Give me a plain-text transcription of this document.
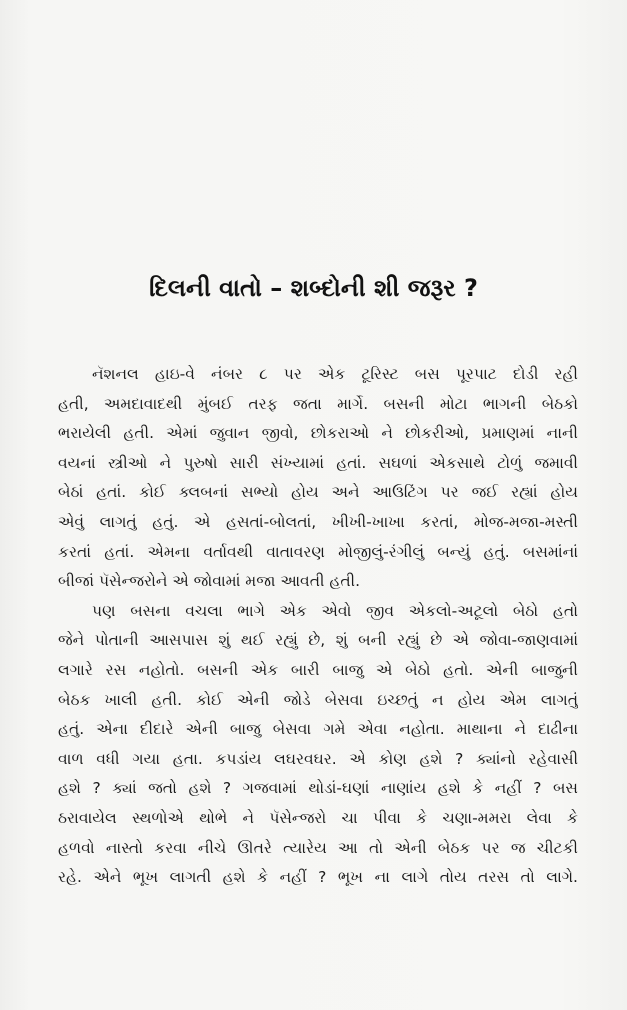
દિલની વાતો – શબ્દોની શી જરૂર ?
નૅશનલ હાઇ-વે નંબર ૮ પર એક ટૂરિસ્ટ બસ પૂરપાટ દોડી રહી
હતી, અમદાવાદથી મુંબઈ તરફ જતા માર્ગે. બસની મોટા ભાગની બેઠકો
ભરાયેલી હતી. એમાં જુવાન જીવો, છોકરાઓ ને છોકરીઓ, પ્રમાણમાં નાની
વયનાં સ્ત્રીઓ ને પુરુષો સારી સંખ્યામાં હતાં. સઘળાં એકસાથે ટોળું જમાવી
બેઠાં હતાં. કોઈ ક્લબનાં સભ્યો હોય અને આઉટિંગ પર જઈ રહ્યાં હોય
એવું લાગતું હતું. એ હસતાં-બોલતાં, ખીખી-ખાખા કરતાં, મોજ-મજા-મસ્તી
કરતાં હતાં. એમના વર્તાવથી વાતાવરણ મોજીલું-રંગીલું બન્યું હતું. બસમાંનાં
બીજાં પૅસેન્જરોને એ જોવામાં મજા આવતી હતી.
પણ બસના વચલા ભાગે એક એવો જીવ એકલો-અટૂલો બેઠો હતો
જેને પોતાની આસપાસ શું થઈ રહ્યું છે, શું બની રહ્યું છે એ જોવા-જાણવામાં
લગારે રસ નહોતો. બસની એક બારી બાજુ એ બેઠો હતો. એની બાજુની
બેઠક ખાલી હતી. કોઈ એની જોડે બેસવા ઇચ્છતું ન હોય એમ લાગતું
હતું. એના દીદારે એની બાજુ બેસવા ગમે એવા નહોતા. માથાના ને દાઢીના
વાળ વધી ગયા હતા. કપડાંય લઘરવઘર. એ કોણ હશે ? ક્યાંનો રહેવાસી
હશે ? ક્યાં જતો હશે ? ગજવામાં થોડાં-ઘણાં નાણાંય હશે કે નહીં ? બસ
ઠરાવાયેલ સ્થળોએ થોભે ને પૅસેન્જરો ચા પીવા કે ચણા-મમરા લેવા કે
હળવો નાસ્તો કરવા નીચે ઊતરે ત્યારેય આ તો એની બેઠક પર જ ચીટકી
રહે. એને ભૂખ લાગતી હશે કે નહીં ? ભૂખ ના લાગે તોય તરસ તો લાગે.
